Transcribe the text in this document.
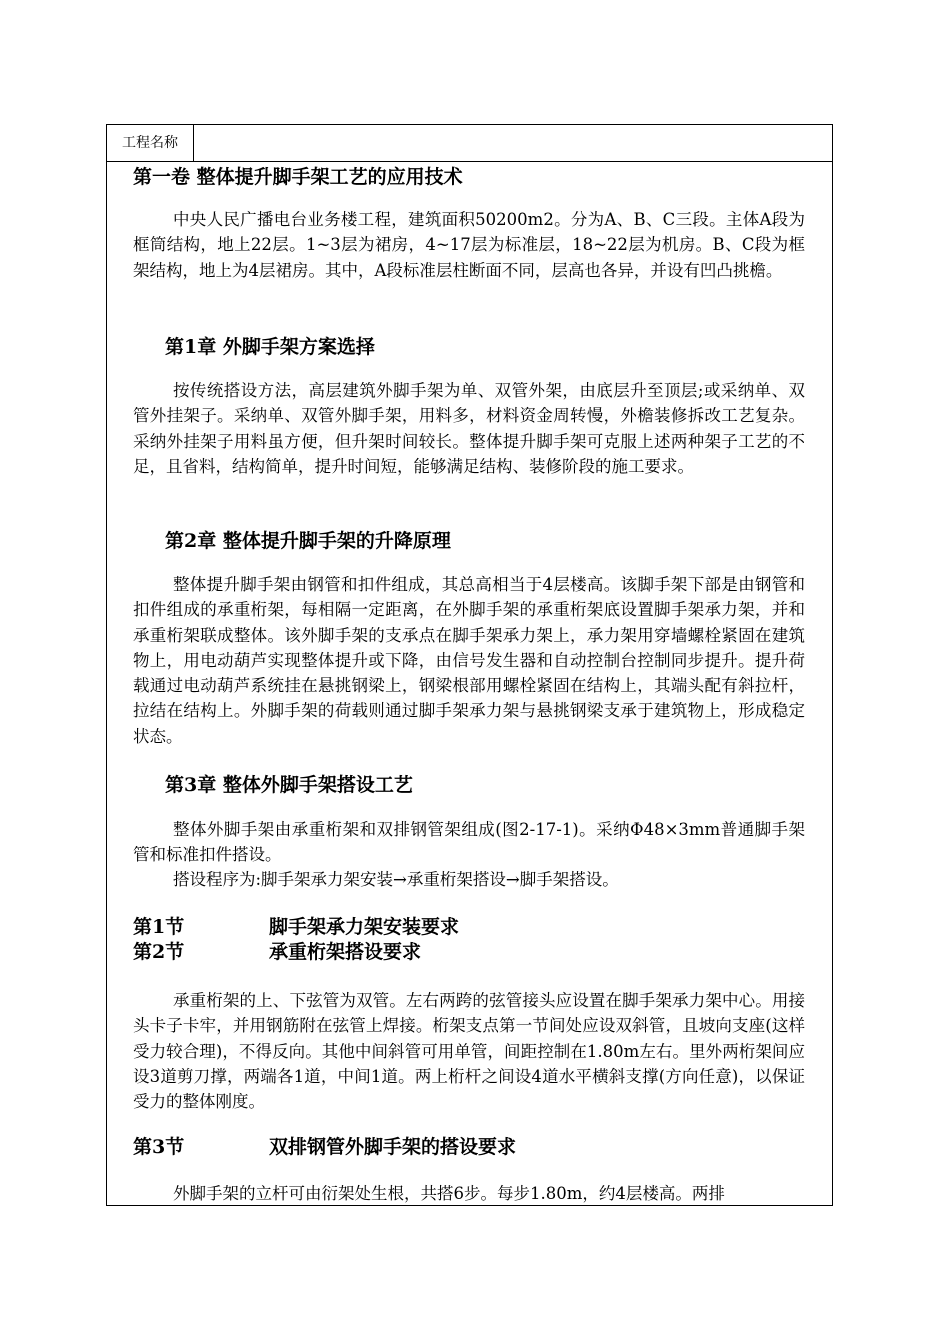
工程名称
第一卷 整体提升脚手架工艺的应用技术

中央人民广播电台业务楼工程，建筑面积50200m2。分为A、B、C三段。主体A段为框筒结构，地上22层。1~3层为裙房，4~17层为标准层，18~22层为机房。B、C段为框架结构，地上为4层裙房。其中，A段标准层柱断面不同，层高也各异，并设有凹凸挑檐。

第1章 外脚手架方案选择

按传统搭设方法，高层建筑外脚手架为单、双管外架，由底层升至顶层;或采纳单、双管外挂架子。采纳单、双管外脚手架，用料多，材料资金周转慢，外檐装修拆改工艺复杂。采纳外挂架子用料虽方便，但升架时间较长。整体提升脚手架可克服上述两种架子工艺的不足，且省料，结构简单，提升时间短，能够满足结构、装修阶段的施工要求。

第2章 整体提升脚手架的升降原理

整体提升脚手架由钢管和扣件组成，其总高相当于4层楼高。该脚手架下部是由钢管和扣件组成的承重桁架，每相隔一定距离，在外脚手架的承重桁架底设置脚手架承力架，并和承重桁架联成整体。该外脚手架的支承点在脚手架承力架上，承力架用穿墙螺栓紧固在建筑物上，用电动葫芦实现整体提升或下降，由信号发生器和自动控制台控制同步提升。提升荷载通过电动葫芦系统挂在悬挑钢梁上，钢梁根部用螺栓紧固在结构上，其端头配有斜拉杆，拉结在结构上。外脚手架的荷载则通过脚手架承力架与悬挑钢梁支承于建筑物上，形成稳定状态。

第3章 整体外脚手架搭设工艺

整体外脚手架由承重桁架和双排钢管架组成(图2-17-1)。采纳Φ48×3mm普通脚手架管和标准扣件搭设。

搭设程序为:脚手架承力架安装→承重桁架搭设→脚手架搭设。

第1节	脚手架承力架安装要求
第2节	承重桁架搭设要求

承重桁架的上、下弦管为双管。左右两跨的弦管接头应设置在脚手架承力架中心。用接头卡子卡牢，并用钢筋附在弦管上焊接。桁架支点第一节间处应设双斜管，且坡向支座(这样受力较合理)，不得反向。其他中间斜管可用单管，间距控制在1.80m左右。里外两桁架间应设3道剪刀撑，两端各1道，中间1道。两上桁杆之间设4道水平横斜支撑(方向任意)，以保证受力的整体刚度。

第3节	双排钢管外脚手架的搭设要求

外脚手架的立杆可由衍架处生根，共搭6步。每步1.80m，约4层楼高。两排
